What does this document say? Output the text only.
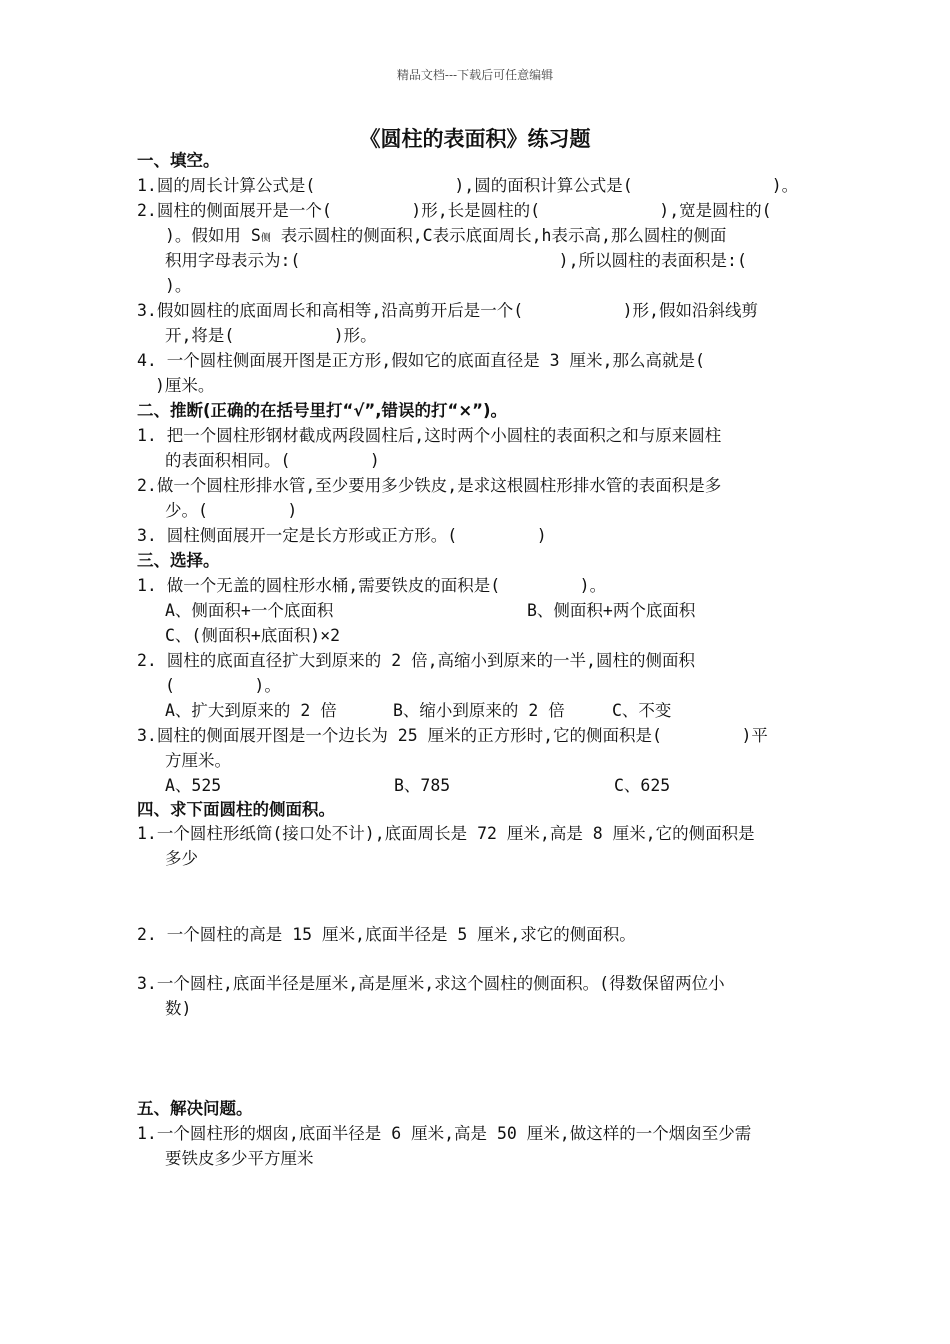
精品文档---下载后可任意编辑
《圆柱的表面积》练习题
一、填空。
1.圆的周长计算公式是(              ),圆的面积计算公式是(              )。
2.圆柱的侧面展开是一个(        )形,长是圆柱的(            ),宽是圆柱的(
)。假如用 S侧 表示圆柱的侧面积,C表示底面周长,h表示高,那么圆柱的侧面
积用字母表示为:(                          ),所以圆柱的表面积是:(
)。
3.假如圆柱的底面周长和高相等,沿高剪开后是一个(          )形,假如沿斜线剪
开,将是(          )形。
4. 一个圆柱侧面展开图是正方形,假如它的底面直径是 3 厘米,那么高就是(
)厘米。
二、推断(正确的在括号里打“√”,错误的打“×”)。
1. 把一个圆柱形钢材截成两段圆柱后,这时两个小圆柱的表面积之和与原来圆柱
的表面积相同。(        )
2.做一个圆柱形排水管,至少要用多少铁皮,是求这根圆柱形排水管的表面积是多
少。(        )
3. 圆柱侧面展开一定是长方形或正方形。(        )
三、选择。
1. 做一个无盖的圆柱形水桶,需要铁皮的面积是(        )。
A、侧面积+一个底面积	B、侧面积+两个底面积
C、(侧面积+底面积)×2
2. 圆柱的底面直径扩大到原来的 2 倍,高缩小到原来的一半,圆柱的侧面积
(        )。
A、扩大到原来的 2 倍	B、缩小到原来的 2 倍	C、不变
3.圆柱的侧面展开图是一个边长为 25 厘米的正方形时,它的侧面积是(        )平
方厘米。
A、525	B、785	C、625
四、求下面圆柱的侧面积。
1.一个圆柱形纸筒(接口处不计),底面周长是 72 厘米,高是 8 厘米,它的侧面积是
多少
2. 一个圆柱的高是 15 厘米,底面半径是 5 厘米,求它的侧面积。
3.一个圆柱,底面半径是厘米,高是厘米,求这个圆柱的侧面积。(得数保留两位小
数)
五、解决问题。
1.一个圆柱形的烟囱,底面半径是 6 厘米,高是 50 厘米,做这样的一个烟囱至少需
要铁皮多少平方厘米
